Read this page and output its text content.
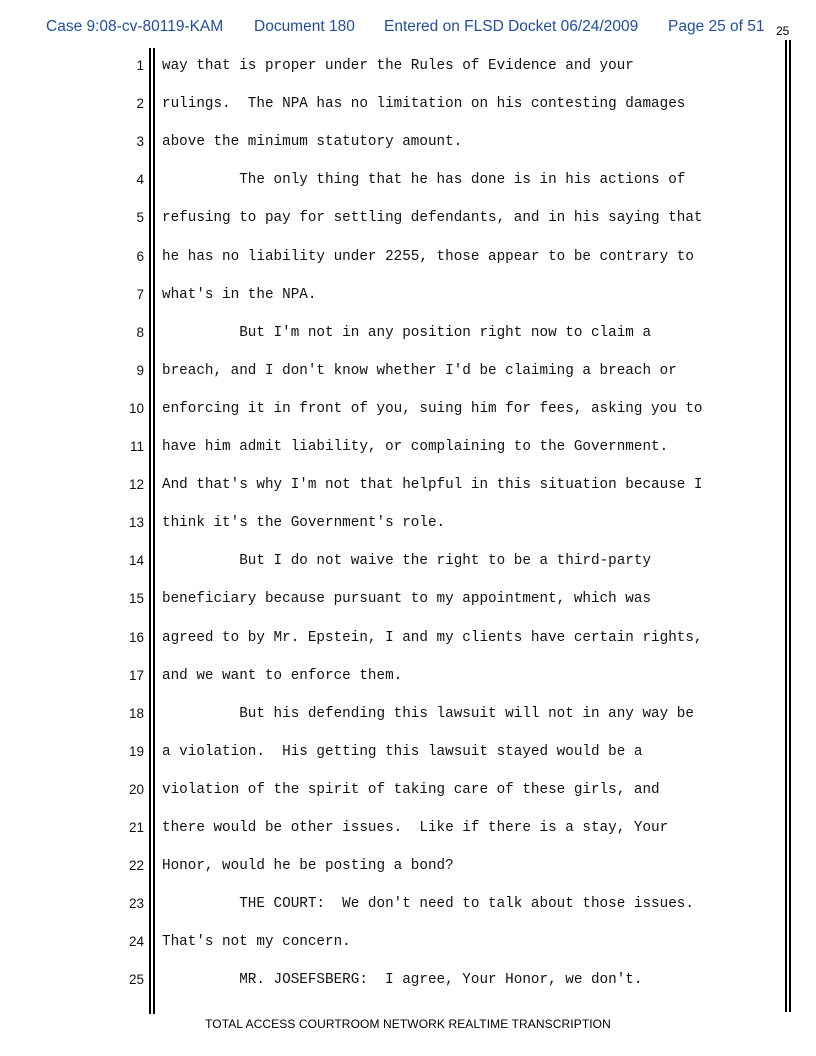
Case 9:08-cv-80119-KAM Document 180 Entered on FLSD Docket 06/24/2009 Page 25 of 51 25
1 way that is proper under the Rules of Evidence and your
2 rulings.  The NPA has no limitation on his contesting damages
3 above the minimum statutory amount.
4 The only thing that he has done is in his actions of
5 refusing to pay for settling defendants, and in his saying that
6 he has no liability under 2255, those appear to be contrary to
7 what's in the NPA.
8 But I'm not in any position right now to claim a
9 breach, and I don't know whether I'd be claiming a breach or
10 enforcing it in front of you, suing him for fees, asking you to
11 have him admit liability, or complaining to the Government.
12 And that's why I'm not that helpful in this situation because I
13 think it's the Government's role.
14 But I do not waive the right to be a third-party
15 beneficiary because pursuant to my appointment, which was
16 agreed to by Mr. Epstein, I and my clients have certain rights,
17 and we want to enforce them.
18 But his defending this lawsuit will not in any way be
19 a violation.  His getting this lawsuit stayed would be a
20 violation of the spirit of taking care of these girls, and
21 there would be other issues.  Like if there is a stay, Your
22 Honor, would he be posting a bond?
23 THE COURT:  We don't need to talk about those issues.
24 That's not my concern.
25 MR. JOSEFSBERG:  I agree, Your Honor, we don't.
TOTAL ACCESS COURTROOM NETWORK REALTIME TRANSCRIPTION
